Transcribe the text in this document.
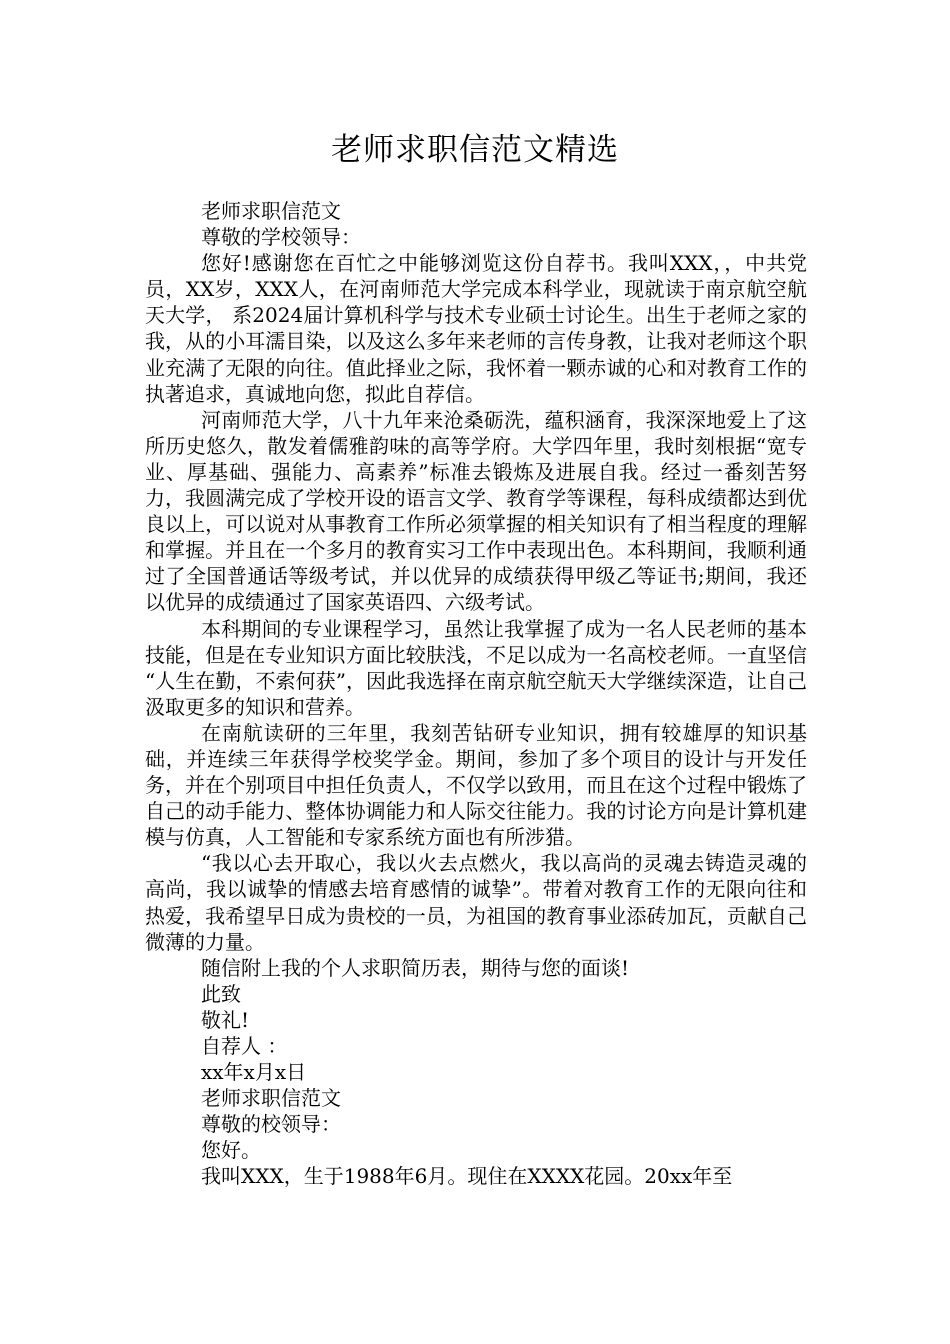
老师求职信范文精选

老师求职信范文

尊敬的学校领导：

您好!感谢您在百忙之中能够浏览这份自荐书。我叫XXX，，中共党员，XX岁，XXX人，在河南师范大学完成本科学业，现就读于南京航空航天大学， 系2024届计算机科学与技术专业硕士讨论生。出生于老师之家的我，从的小耳濡目染，以及这么多年来老师的言传身教，让我对老师这个职业充满了无限的向往。值此择业之际，我怀着一颗赤诚的心和对教育工作的执著追求，真诚地向您，拟此自荐信。

河南师范大学，八十九年来沧桑砺洗，蕴积涵育，我深深地爱上了这所历史悠久，散发着儒雅韵味的高等学府。大学四年里，我时刻根据“宽专业、厚基础、强能力、高素养”标准去锻炼及进展自我。经过一番刻苦努力，我圆满完成了学校开设的语言文学、教育学等课程，每科成绩都达到优良以上，可以说对从事教育工作所必须掌握的相关知识有了相当程度的理解和掌握。并且在一个多月的教育实习工作中表现出色。本科期间，我顺利通过了全国普通话等级考试，并以优异的成绩获得甲级乙等证书;期间，我还以优异的成绩通过了国家英语四、六级考试。

本科期间的专业课程学习，虽然让我掌握了成为一名人民老师的基本技能，但是在专业知识方面比较肤浅，不足以成为一名高校老师。一直坚信 “人生在勤，不索何获”，因此我选择在南京航空航天大学继续深造，让自己汲取更多的知识和营养。

在南航读研的三年里，我刻苦钻研专业知识，拥有较雄厚的知识基础，并连续三年获得学校奖学金。期间，参加了多个项目的设计与开发任务，并在个别项目中担任负责人，不仅学以致用，而且在这个过程中锻炼了自己的动手能力、整体协调能力和人际交往能力。我的讨论方向是计算机建模与仿真，人工智能和专家系统方面也有所涉猎。

“我以心去开取心，我以火去点燃火，我以高尚的灵魂去铸造灵魂的高尚，我以诚挚的情感去培育感情的诚挚”。带着对教育工作的无限向往和热爱，我希望早日成为贵校的一员，为祖国的教育事业添砖加瓦，贡献自己微薄的力量。

随信附上我的个人求职简历表，期待与您的面谈!

此致

敬礼!

自荐人 ：

xx年x月x日

老师求职信范文

尊敬的校领导：

您好。

我叫XXX，生于1988年6月。现住在XXXX花园。20xx年至
